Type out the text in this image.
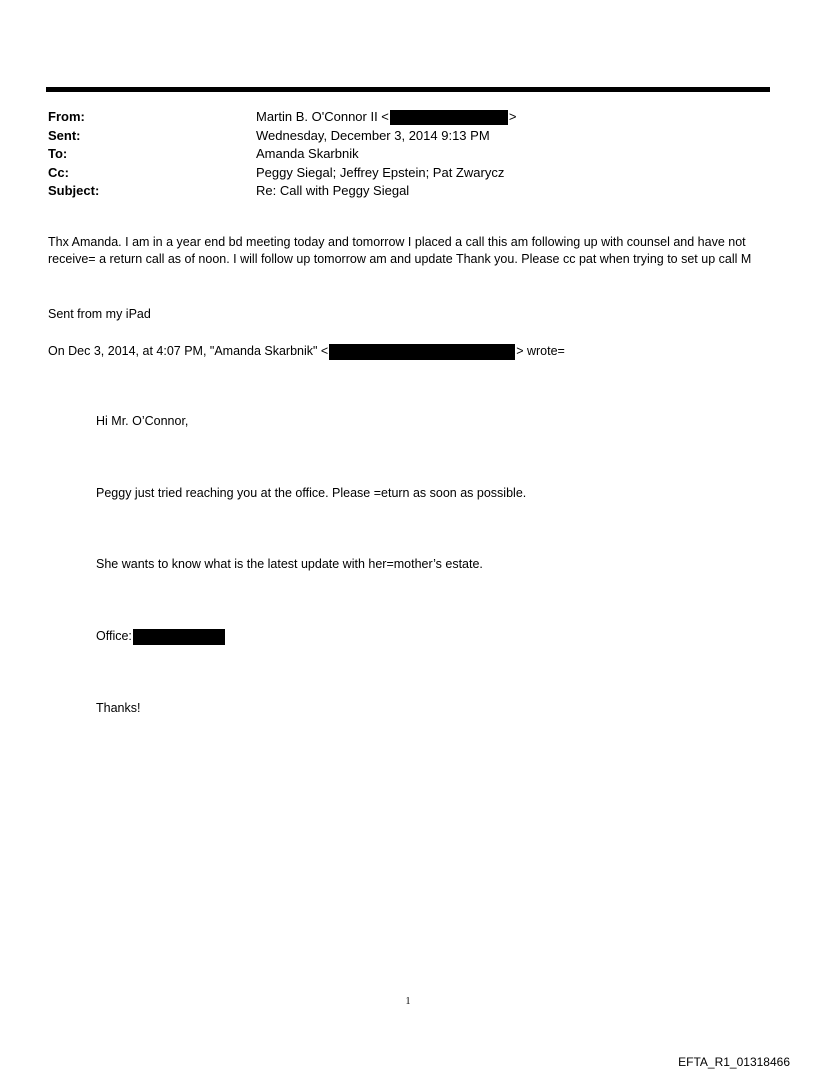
From:	Martin B. O'Connor II <	>
Sent:	Wednesday, December 3, 2014 9:13 PM
To:	Amanda Skarbnik
Cc:	Peggy Siegal; Jeffrey Epstein; Pat Zwarycz
Subject:	Re: Call with Peggy Siegal
Thx Amanda. I am in a year end bd meeting today and tomorrow I placed a call this am following up with counsel and have not receive= a return call as of noon. I will follow up tomorrow am and update Thank you. Please cc pat when trying to set up call M
Sent from my iPad
On Dec 3, 2014, at 4:07 PM, "Amanda Skarbnik" <	> wrote=
Hi Mr. O’Connor,
Peggy just tried reaching you at the office. Please =eturn as soon as possible.
She wants to know what is the latest update with her=mother’s estate.
Office:
Thanks!
1
EFTA_R1_01318466
